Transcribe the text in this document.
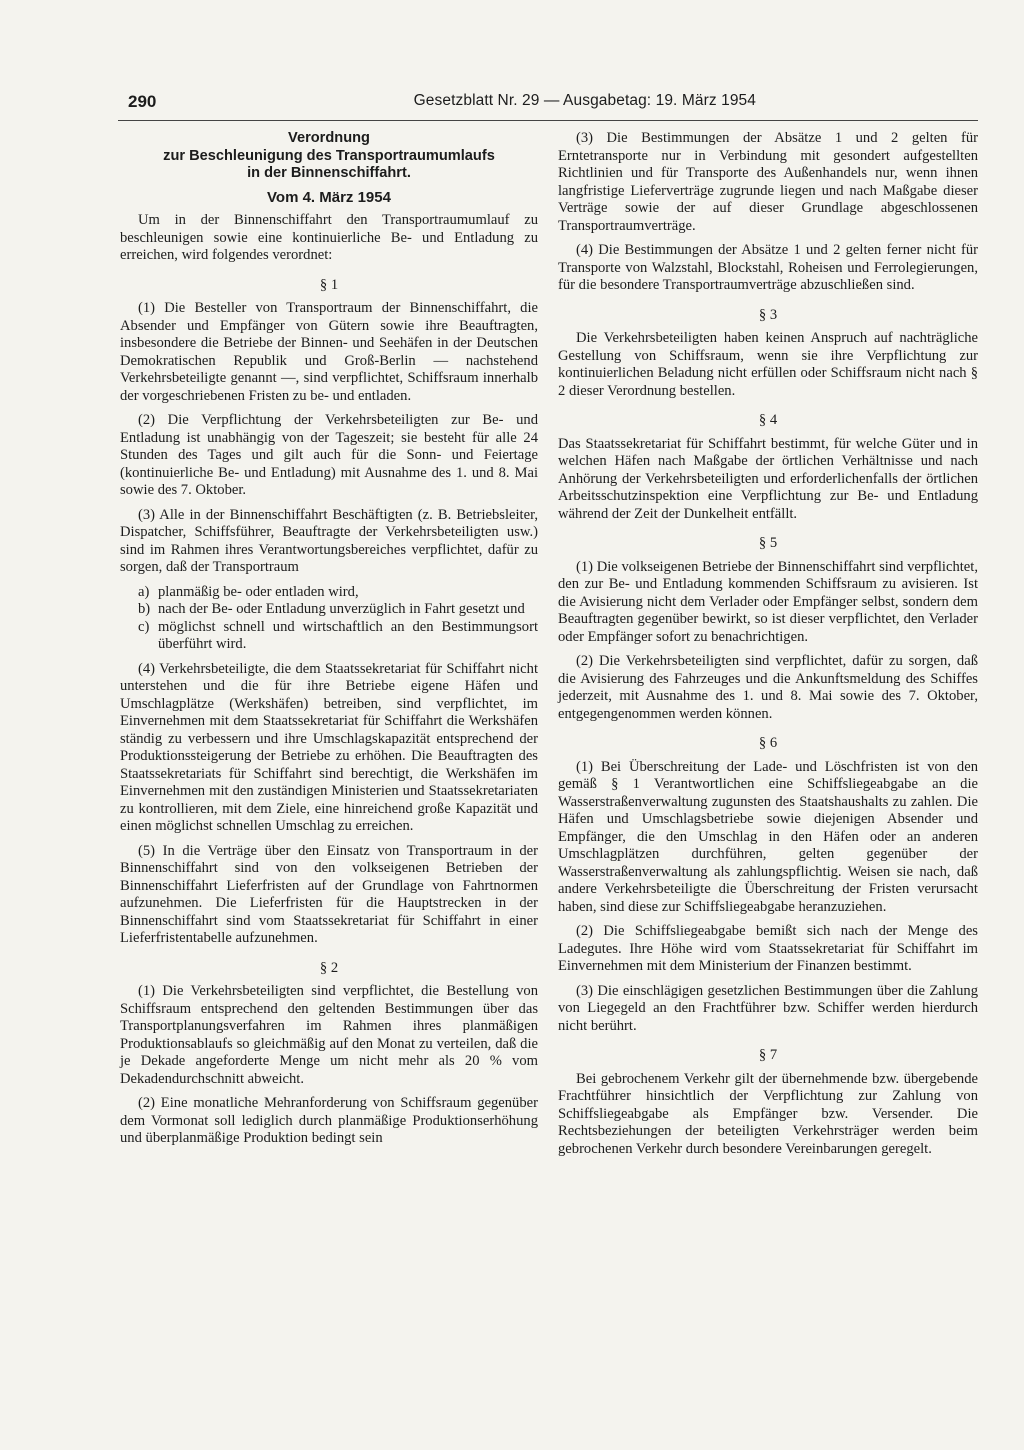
290	Gesetzblatt Nr. 29 — Ausgabetag: 19. März 1954
Verordnung
zur Beschleunigung des Transportraumumlaufs
in der Binnenschiffahrt.
Vom 4. März 1954

Um in der Binnenschiffahrt den Transportraumumlauf zu beschleunigen sowie eine kontinuierliche Be- und Entladung zu erreichen, wird folgendes verordnet:

§ 1

(1) Die Besteller von Transportraum der Binnenschiffahrt, die Absender und Empfänger von Gütern sowie ihre Beauftragten, insbesondere die Betriebe der Binnen- und Seehäfen in der Deutschen Demokratischen Republik und Groß-Berlin — nachstehend Verkehrsbeteiligte genannt —, sind verpflichtet, Schiffsraum innerhalb der vorgeschriebenen Fristen zu be- und entladen.

(2) Die Verpflichtung der Verkehrsbeteiligten zur Be- und Entladung ist unabhängig von der Tageszeit; sie besteht für alle 24 Stunden des Tages und gilt auch für die Sonn- und Feiertage (kontinuierliche Be- und Entladung) mit Ausnahme des 1. und 8. Mai sowie des 7. Oktober.

(3) Alle in der Binnenschiffahrt Beschäftigten (z. B. Betriebsleiter, Dispatcher, Schiffsführer, Beauftragte der Verkehrsbeteiligten usw.) sind im Rahmen ihres Verantwortungsbereiches verpflichtet, dafür zu sorgen, daß der Transportraum

a) planmäßig be- oder entladen wird,
b) nach der Be- oder Entladung unverzüglich in Fahrt gesetzt und
c) möglichst schnell und wirtschaftlich an den Bestimmungsort überführt wird.

(4) Verkehrsbeteiligte, die dem Staatssekretariat für Schiffahrt nicht unterstehen und die für ihre Betriebe eigene Häfen und Umschlagplätze (Werkshäfen) betreiben, sind verpflichtet, im Einvernehmen mit dem Staatssekretariat für Schiffahrt die Werkshäfen ständig zu verbessern und ihre Umschlagskapazität entsprechend der Produktionssteigerung der Betriebe zu erhöhen. Die Beauftragten des Staatssekretariats für Schiffahrt sind berechtigt, die Werkshäfen im Einvernehmen mit den zuständigen Ministerien und Staatssekretariaten zu kontrollieren, mit dem Ziele, eine hinreichend große Kapazität und einen möglichst schnellen Umschlag zu erreichen.

(5) In die Verträge über den Einsatz von Transportraum in der Binnenschiffahrt sind von den volkseigenen Betrieben der Binnenschiffahrt Lieferfristen auf der Grundlage von Fahrtnormen aufzunehmen. Die Lieferfristen für die Hauptstrecken in der Binnenschiffahrt sind vom Staatssekretariat für Schiffahrt in einer Lieferfristentabelle aufzunehmen.

§ 2

(1) Die Verkehrsbeteiligten sind verpflichtet, die Bestellung von Schiffsraum entsprechend den geltenden Bestimmungen über das Transportplanungsverfahren im Rahmen ihres planmäßigen Produktionsablaufs so gleichmäßig auf den Monat zu verteilen, daß die je Dekade angeforderte Menge um nicht mehr als 20 % vom Dekadendurchschnitt abweicht.

(2) Eine monatliche Mehranforderung von Schiffsraum gegenüber dem Vormonat soll lediglich durch planmäßige Produktionserhöhung und überplanmäßige Produktion bedingt sein

(3) Die Bestimmungen der Absätze 1 und 2 gelten für Erntetransporte nur in Verbindung mit gesondert aufgestellten Richtlinien und für Transporte des Außenhandels nur, wenn ihnen langfristige Lieferverträge zugrunde liegen und nach Maßgabe dieser Verträge sowie der auf dieser Grundlage abgeschlossenen Transportraumverträge.

(4) Die Bestimmungen der Absätze 1 und 2 gelten ferner nicht für Transporte von Walzstahl, Blockstahl, Roheisen und Ferrolegierungen, für die besondere Transportraumverträge abzuschließen sind.

§ 3

Die Verkehrsbeteiligten haben keinen Anspruch auf nachträgliche Gestellung von Schiffsraum, wenn sie ihre Verpflichtung zur kontinuierlichen Beladung nicht erfüllen oder Schiffsraum nicht nach § 2 dieser Verordnung bestellen.

§ 4

Das Staatssekretariat für Schiffahrt bestimmt, für welche Güter und in welchen Häfen nach Maßgabe der örtlichen Verhältnisse und nach Anhörung der Verkehrsbeteiligten und erforderlichenfalls der örtlichen Arbeitsschutzinspektion eine Verpflichtung zur Be- und Entladung während der Zeit der Dunkelheit entfällt.

§ 5

(1) Die volkseigenen Betriebe der Binnenschiffahrt sind verpflichtet, den zur Be- und Entladung kommenden Schiffsraum zu avisieren. Ist die Avisierung nicht dem Verlader oder Empfänger selbst, sondern dem Beauftragten gegenüber bewirkt, so ist dieser verpflichtet, den Verlader oder Empfänger sofort zu benachrichtigen.

(2) Die Verkehrsbeteiligten sind verpflichtet, dafür zu sorgen, daß die Avisierung des Fahrzeuges und die Ankunftsmeldung des Schiffes jederzeit, mit Ausnahme des 1. und 8. Mai sowie des 7. Oktober, entgegengenommen werden können.

§ 6

(1) Bei Überschreitung der Lade- und Löschfristen ist von den gemäß § 1 Verantwortlichen eine Schiffsliegeabgabe an die Wasserstraßenverwaltung zugunsten des Staatshaushalts zu zahlen. Die Häfen und Umschlagsbetriebe sowie diejenigen Absender und Empfänger, die den Umschlag in den Häfen oder an anderen Umschlagplätzen durchführen, gelten gegenüber der Wasserstraßenverwaltung als zahlungspflichtig. Weisen sie nach, daß andere Verkehrsbeteiligte die Überschreitung der Fristen verursacht haben, sind diese zur Schiffsliegeabgabe heranzuziehen.

(2) Die Schiffsliegeabgabe bemißt sich nach der Menge des Ladegutes. Ihre Höhe wird vom Staatssekretariat für Schiffahrt im Einvernehmen mit dem Ministerium der Finanzen bestimmt.

(3) Die einschlägigen gesetzlichen Bestimmungen über die Zahlung von Liegegeld an den Frachtführer bzw. Schiffer werden hierdurch nicht berührt.

§ 7

Bei gebrochenem Verkehr gilt der übernehmende bzw. übergebende Frachtführer hinsichtlich der Verpflichtung zur Zahlung von Schiffsliegeabgabe als Empfänger bzw. Versender. Die Rechtsbeziehungen der beteiligten Verkehrsträger werden beim gebrochenen Verkehr durch besondere Vereinbarungen geregelt.
